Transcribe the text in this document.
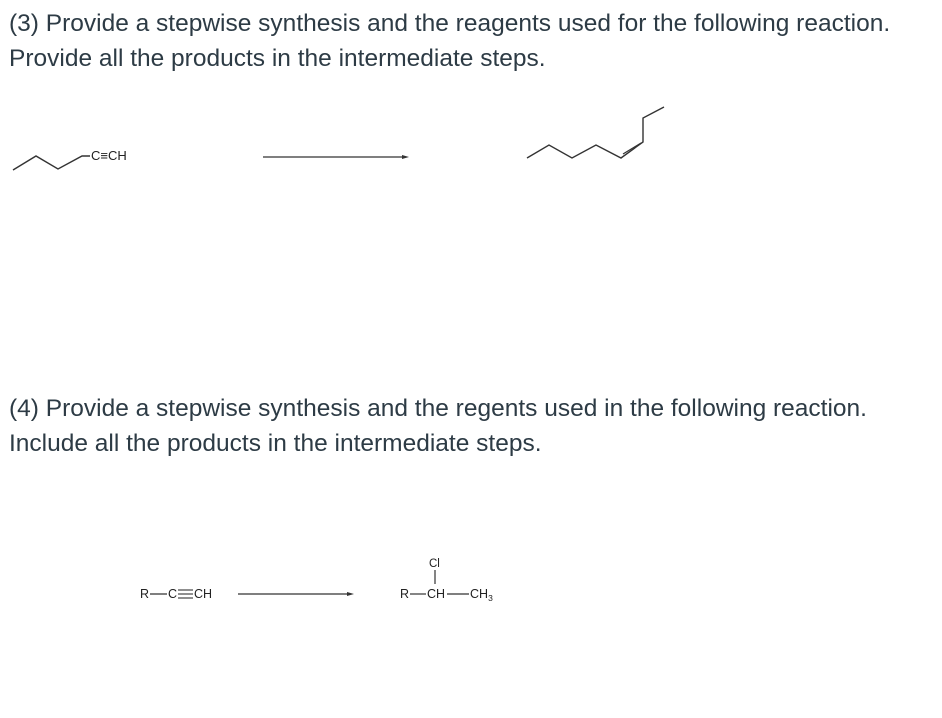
(3) Provide a stepwise synthesis and the reagents used for the following reaction. Provide all the products in the intermediate steps.
(4) Provide a stepwise synthesis and the regents used in the following reaction. Include all the products in the intermediate steps.
C≡CH
R C CH
Cl
R CH $CH_3$
